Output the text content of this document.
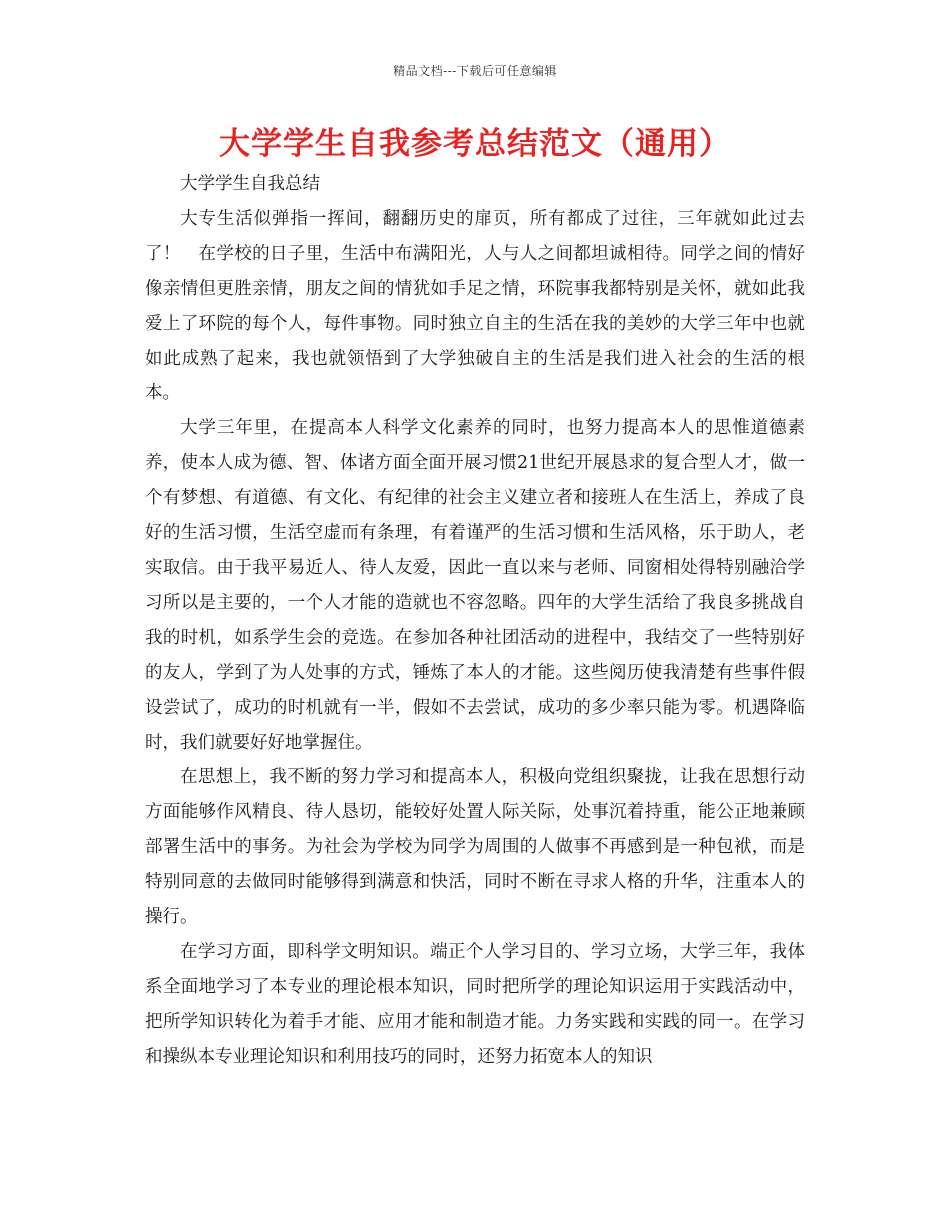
精品文档---下载后可任意编辑
大学学生自我参考总结范文（通用）

大学学生自我总结

大专生活似弹指一挥间，翻翻历史的扉页，所有都成了过往，三年就如此过去了！　在学校的日子里，生活中布满阳光，人与人之间都坦诚相待。同学之间的情好像亲情但更胜亲情，朋友之间的情犹如手足之情，环院事我都特别是关怀，就如此我爱上了环院的每个人，每件事物。同时独立自主的生活在我的美妙的大学三年中也就如此成熟了起来，我也就领悟到了大学独破自主的生活是我们进入社会的生活的根本。

大学三年里，在提高本人科学文化素养的同时，也努力提高本人的思惟道德素养，使本人成为德、智、体诸方面全面开展习惯21世纪开展恳求的复合型人才，做一个有梦想、有道德、有文化、有纪律的社会主义建立者和接班人在生活上，养成了良好的生活习惯，生活空虚而有条理，有着谨严的生活习惯和生活风格，乐于助人，老实取信。由于我平易近人、待人友爱，因此一直以来与老师、同窗相处得特别融洽学习所以是主要的，一个人才能的造就也不容忽略。四年的大学生活给了我良多挑战自我的时机，如系学生会的竞选。在参加各种社团活动的进程中，我结交了一些特别好的友人，学到了为人处事的方式，锤炼了本人的才能。这些阅历使我清楚有些事件假设尝试了，成功的时机就有一半，假如不去尝试，成功的多少率只能为零。机遇降临时，我们就要好好地掌握住。

在思想上，我不断的努力学习和提高本人，积极向党组织聚拢，让我在思想行动方面能够作风精良、待人恳切，能较好处置人际关际，处事沉着持重，能公正地兼顾部署生活中的事务。为社会为学校为同学为周围的人做事不再感到是一种包袱，而是特别同意的去做同时能够得到满意和快活，同时不断在寻求人格的升华，注重本人的操行。

在学习方面，即科学文明知识。端正个人学习目的、学习立场，大学三年，我体系全面地学习了本专业的理论根本知识，同时把所学的理论知识运用于实践活动中，把所学知识转化为着手才能、应用才能和制造才能。力务实践和实践的同一。在学习和操纵本专业理论知识和利用技巧的同时，还努力拓宽本人的知识
